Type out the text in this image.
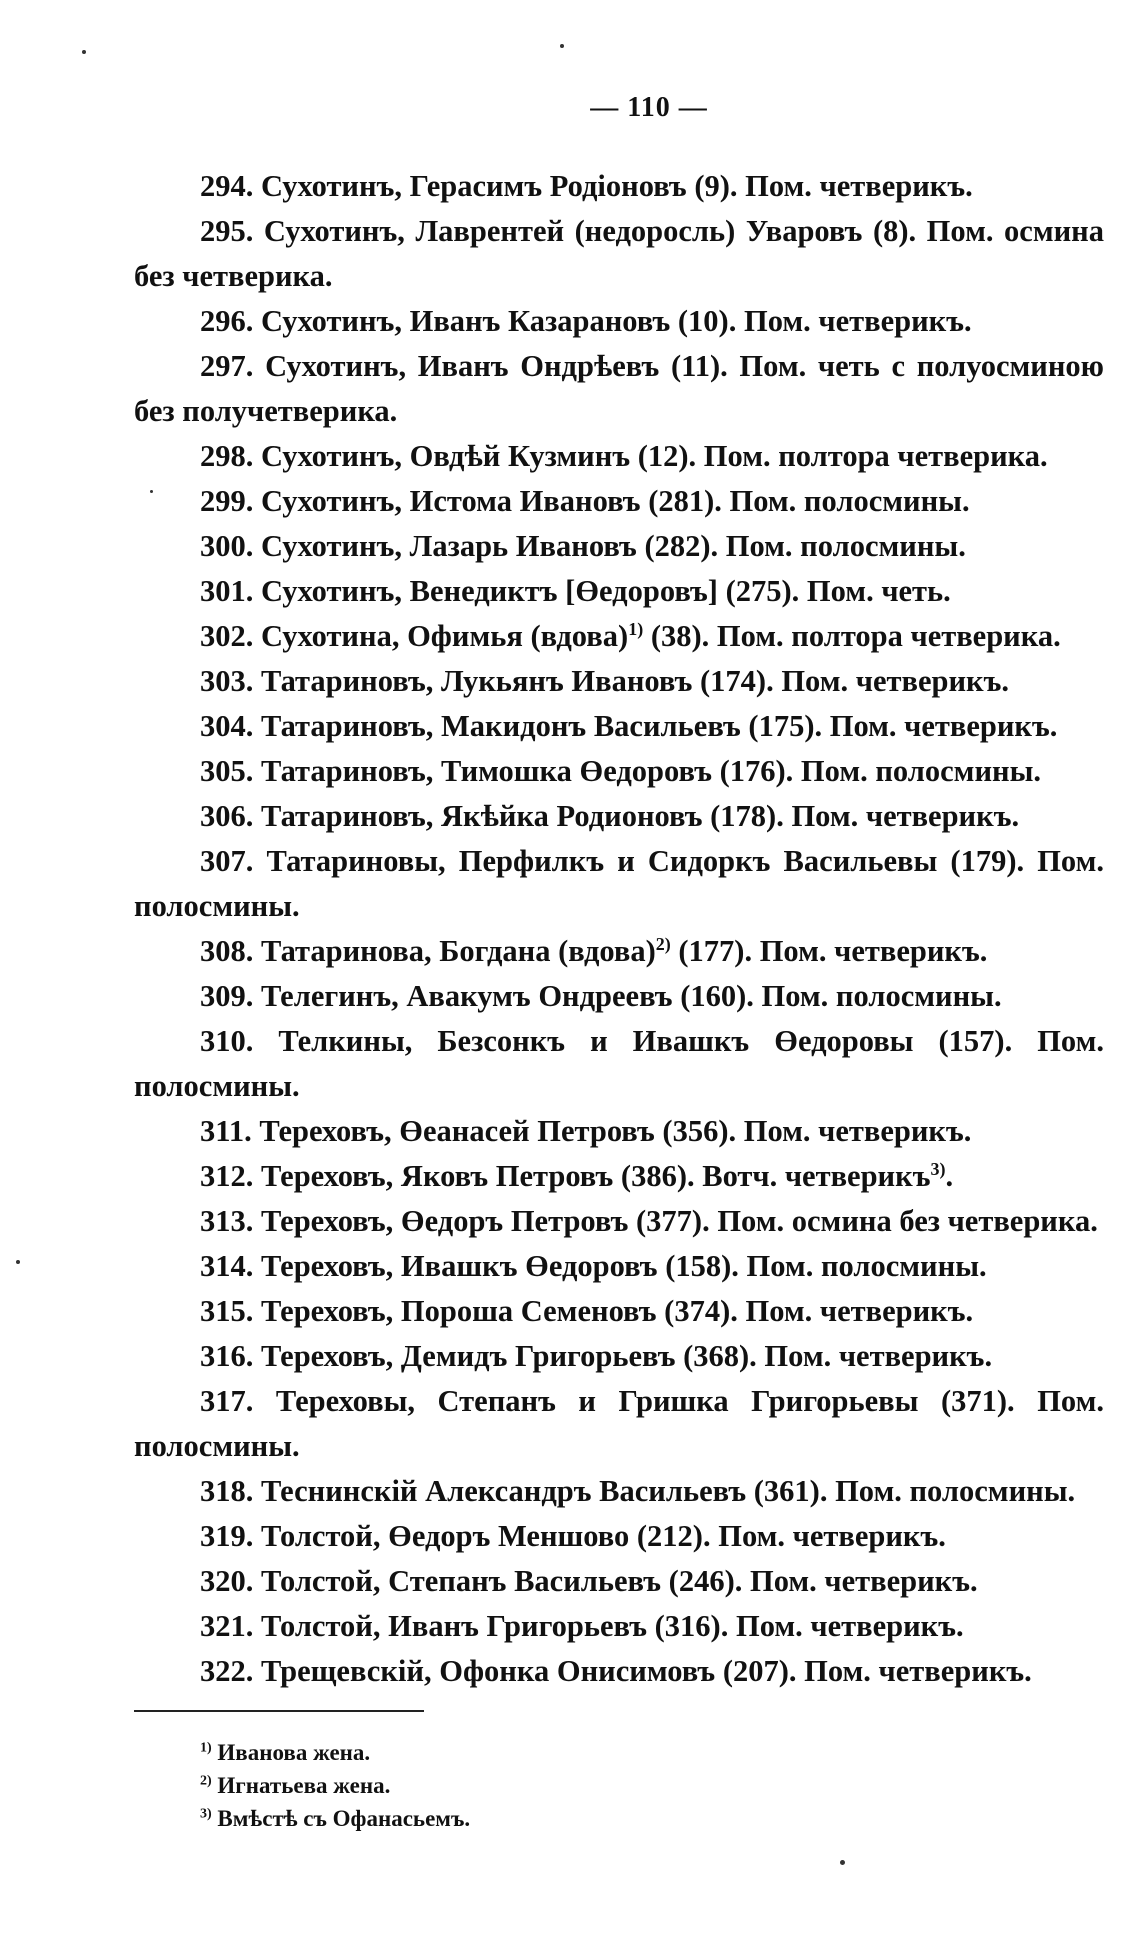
— 110 —

294. Сухотинъ, Герасимъ Родіоновъ (9). Пом. четверикъ.

295. Сухотинъ, Лаврентей (недоросль) Уваровъ (8). Пом. осмина без четверика.

296. Сухотинъ, Иванъ Казарановъ (10). Пом. четверикъ.

297. Сухотинъ, Иванъ Ондрѣевъ (11). Пом. четь с полуосминою без получетверика.

298. Сухотинъ, Овдѣй Кузминъ (12). Пом. полтора четверика.

299. Сухотинъ, Истома Ивановъ (281). Пом. полосмины.

300. Сухотинъ, Лазарь Ивановъ (282). Пом. полосмины.

301. Сухотинъ, Венедиктъ [Өедоровъ] (275). Пом. четь.

302. Сухотина, Офимья (вдова)$^{1)}$ (38). Пом. полтора четверика.

303. Татариновъ, Лукьянъ Ивановъ (174). Пом. четверикъ.

304. Татариновъ, Макидонъ Васильевъ (175). Пом. четверикъ.

305. Татариновъ, Тимошка Өедоровъ (176). Пом. полосмины.

306. Татариновъ, Якѣйка Родионовъ (178). Пом. четверикъ.

307. Татариновы, Перфилкъ и Сидоркъ Васильевы (179). Пом. полосмины.

308. Татаринова, Богдана (вдова)$^{2)}$ (177). Пом. четверикъ.

309. Телегинъ, Авакумъ Ондреевъ (160). Пом. полосмины.

310. Телкины, Безсонкъ и Ивашкъ Өедоровы (157). Пом. полосмины.

311. Тереховъ, Өеанасей Петровъ (356). Пом. четверикъ.

312. Тереховъ, Яковъ Петровъ (386). Вотч. четверикъ$^{3)}$.

313. Тереховъ, Өедоръ Петровъ (377). Пом. осмина без четверика.

314. Тереховъ, Ивашкъ Өедоровъ (158). Пом. полосмины.

315. Тереховъ, Пороша Семеновъ (374). Пом. четверикъ.

316. Тереховъ, Демидъ Григорьевъ (368). Пом. четверикъ.

317. Тереховы, Степанъ и Гришка Григорьевы (371). Пом. полосмины.

318. Теснинскій Александръ Васильевъ (361). Пом. полосмины.

319. Толстой, Өедоръ Меншово (212). Пом. четверикъ.

320. Толстой, Степанъ Васильевъ (246). Пом. четверикъ.

321. Толстой, Иванъ Григорьевъ (316). Пом. четверикъ.

322. Трещевскій, Офонка Онисимовъ (207). Пом. четверикъ.

$^{1)}$ Иванова жена.
$^{2)}$ Игнатьева жена.
$^{3)}$ Вмѣстѣ съ Офанасьемъ.
